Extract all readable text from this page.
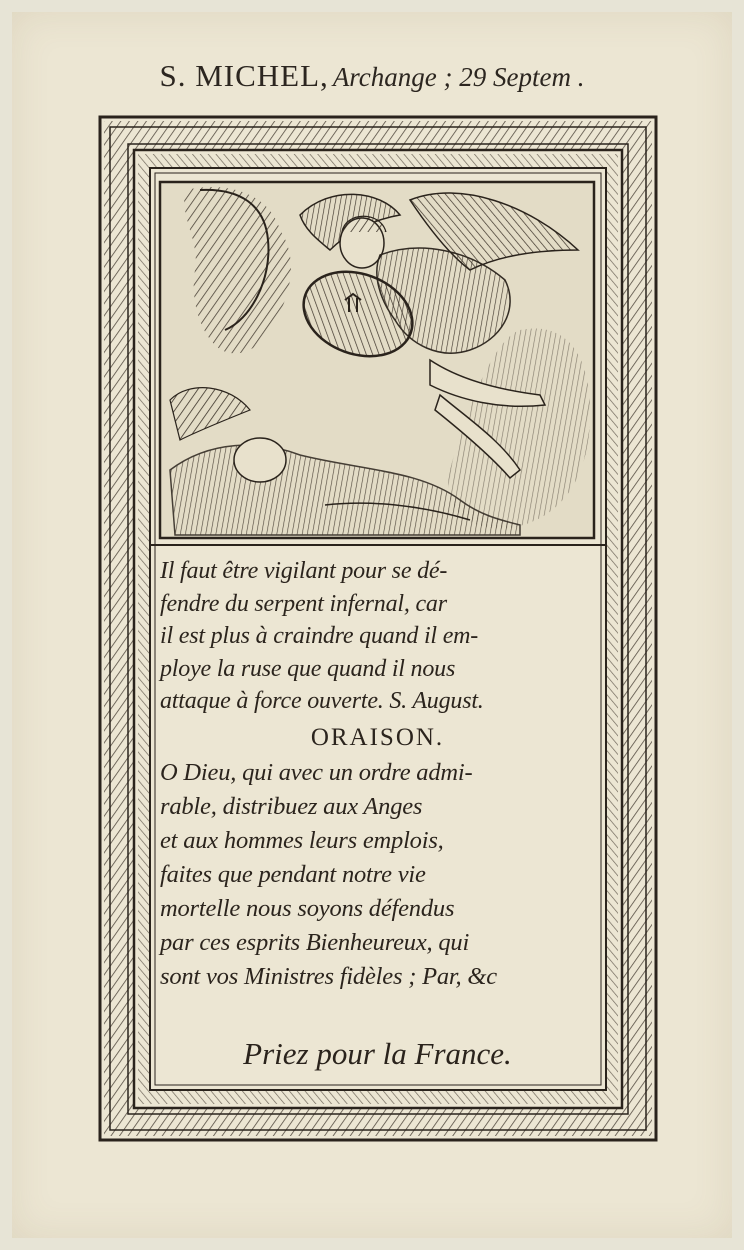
S. MICHEL, Archange ; 29 Septem .
Il faut être vigilant pour se dé-
fendre du serpent infernal, car
il est plus à craindre quand il em-
ploye la ruse que quand il nous
attaque à force ouverte. S. August.
ORAISON.
O Dieu, qui avec un ordre admi-
rable, distribuez aux Anges
et aux hommes leurs emplois,
faites que pendant notre vie
mortelle nous soyons défendus
par ces esprits Bienheureux, qui
sont vos Ministres fidèles ; Par, &c
Priez pour la France.
